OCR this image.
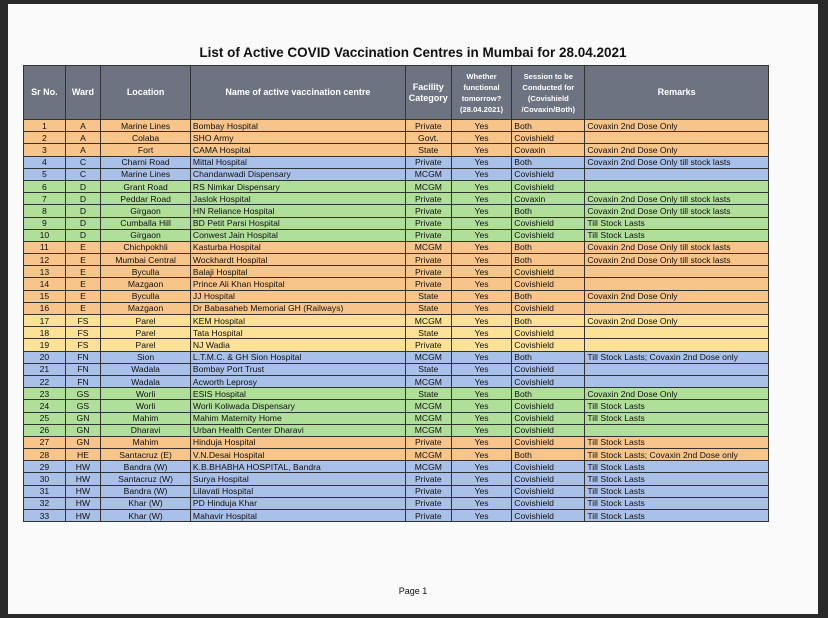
List of Active COVID Vaccination Centres in Mumbai for 28.04.2021
Sr No.	Ward	Location	Name of active vaccination centre	Facility Category	Whether functional tomorrow? (28.04.2021)	Session to be Conducted for (Covishield /Covaxin/Both)	Remarks
1	A	Marine Lines	Bombay Hospital	Private	Yes	Both	Covaxin 2nd Dose Only
2	A	Colaba	SHO Army	Govt.	Yes	Covishield	
3	A	Fort	CAMA Hospital	State	Yes	Covaxin	Covaxin 2nd Dose Only
4	C	Charni Road	Mittal Hospital	Private	Yes	Both	Covaxin 2nd Dose Only till stock lasts
5	C	Marine Lines	Chandanwadi Dispensary	MCGM	Yes	Covishield	
6	D	Grant Road	RS Nimkar Dispensary	MCGM	Yes	Covishield	
7	D	Peddar Road	Jaslok Hospital	Private	Yes	Covaxin	Covaxin 2nd Dose Only till stock lasts
8	D	Girgaon	HN Reliance Hospital	Private	Yes	Both	Covaxin 2nd Dose Only till stock lasts
9	D	Cumballa Hill	BD Petit Parsi Hospital	Private	Yes	Covishield	Till Stock Lasts
10	D	Girgaon	Conwest Jain Hospital	Private	Yes	Covishield	Till Stock Lasts
11	E	Chichpokhli	Kasturba Hospital	MCGM	Yes	Both	Covaxin 2nd Dose Only till stock lasts
12	E	Mumbai Central	Wockhardt Hospital	Private	Yes	Both	Covaxin 2nd Dose Only till stock lasts
13	E	Byculla	Balaji Hospital	Private	Yes	Covishield	
14	E	Mazgaon	Prince Ali Khan Hospital	Private	Yes	Covishield	
15	E	Byculla	JJ Hospital	State	Yes	Both	Covaxin 2nd Dose Only
16	E	Mazgaon	Dr Babasaheb Memorial GH (Railways)	State	Yes	Covishield	
17	FS	Parel	KEM Hospital	MCGM	Yes	Both	Covaxin 2nd Dose Only
18	FS	Parel	Tata Hospital	State	Yes	Covishield	
19	FS	Parel	NJ Wadia	Private	Yes	Covishield	
20	FN	Sion	L.T.M.C. & GH Sion Hospital	MCGM	Yes	Both	Till Stock Lasts; Covaxin 2nd Dose only
21	FN	Wadala	Bombay Port Trust	State	Yes	Covishield	
22	FN	Wadala	Acworth Leprosy	MCGM	Yes	Covishield	
23	GS	Worli	ESIS Hospital	State	Yes	Both	Covaxin 2nd Dose Only
24	GS	Worli	Worli Koliwada Dispensary	MCGM	Yes	Covishield	Till Stock Lasts
25	GN	Mahim	Mahim Maternity Home	MCGM	Yes	Covishield	Till Stock Lasts
26	GN	Dharavi	Urban Health Center Dharavi	MCGM	Yes	Covishield	
27	GN	Mahim	Hinduja Hospital	Private	Yes	Covishield	Till Stock Lasts
28	HE	Santacruz (E)	V.N.Desai Hospital	MCGM	Yes	Both	Till Stock Lasts; Covaxin 2nd Dose only
29	HW	Bandra (W)	K.B.BHABHA HOSPITAL, Bandra	MCGM	Yes	Covishield	Till Stock Lasts
30	HW	Santacruz (W)	Surya Hospital	Private	Yes	Covishield	Till Stock Lasts
31	HW	Bandra (W)	Lilavati Hospital	Private	Yes	Covishield	Till Stock Lasts
32	HW	Khar (W)	PD Hinduja Khar	Private	Yes	Covishield	Till Stock Lasts
33	HW	Khar (W)	Mahavir Hospital	Private	Yes	Covishield	Till Stock Lasts
Page 1
